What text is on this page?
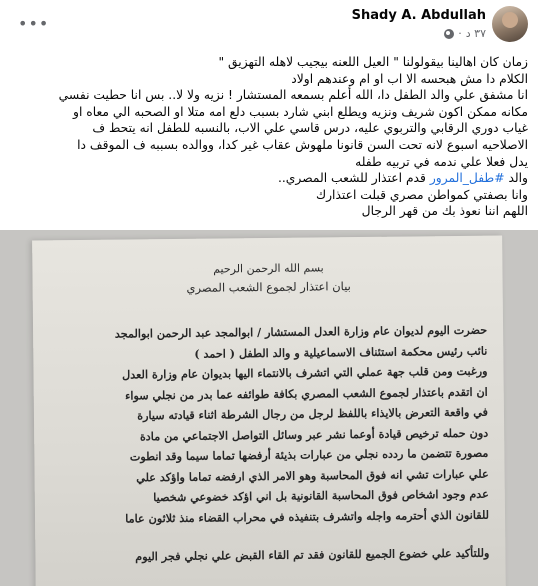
•••	Shady A. Abdullah
٣٧ د
·

زمان كان اهالينا بيقولولنا " العيل اللعنه بيجيب لاهله التهزيق "

الكلام دا مش هبحسه الا اب او ام وعندهم اولاد

انا مشفق علي والد الطفل دا، الله أعلم بسمعه المستشار ! نزيه ولا لا.. بس انا حطيت نفسي

مكانه ممكن اكون شريف ونزيه ويطلع ابني شارد بسبب دلع امه متلا او الصحبه الي معاه او

غياب دوري الرقابي والتربوي عليه، درس قاسي علي الاب، بالنسبه للطفل انه يتحط ف

الاصلاحيه اسبوع لانه تحت السن قانونا ملهوش عقاب غير كدا، ووالده بسببه ف الموقف دا

يدل فعلا علي ندمه في تربيه طفله

والد #طفل_المرور قدم اعتذار للشعب المصري..

وانا بصفتي كمواطن مصري قبلت اعتذارك

اللهم اننا نعوذ بك من قهر الرجال

بسم الله الرحمن الرحيم

بيان اعتذار لجموع الشعب المصري

حضرت اليوم لديوان عام وزارة العدل المستشار / ابوالمجد عبد الرحمن ابوالمجد

نائب رئيس محكمة استئناف الاسماعيلية و والد الطفل ( احمد )

ورغبت ومن قلب جهة عملي التي اتشرف بالانتماء اليها بديوان عام وزارة العدل

ان اتقدم باعتذار لجموع الشعب المصري بكافة طوائفه عما بدر من نجلي سواء

في واقعة التعرض بالايذاء باللفظ لرجل من رجال الشرطة اثناء قيادته سيارة

دون حمله ترخيص قيادة أوعما نشر عبر وسائل التواصل الاجتماعي من مادة

مصورة تتضمن ما ردده نجلي من عبارات بذيئة أرفضها تماما سيما وقد انطوت

علي عبارات تشي انه فوق المحاسبة وهو الامر الذي ارفضه تماما واؤكد علي

عدم وجود اشخاص فوق المحاسبة القانونية بل اني اؤكد خضوعي شخصيا

للقانون الذي أحترمه واجله واتشرف بتنفيذه في محراب القضاء منذ ثلاثون عاما

وللتأكيد علي خضوع الجميع للقانون فقد تم القاء القبض علي نجلي فجر اليوم
